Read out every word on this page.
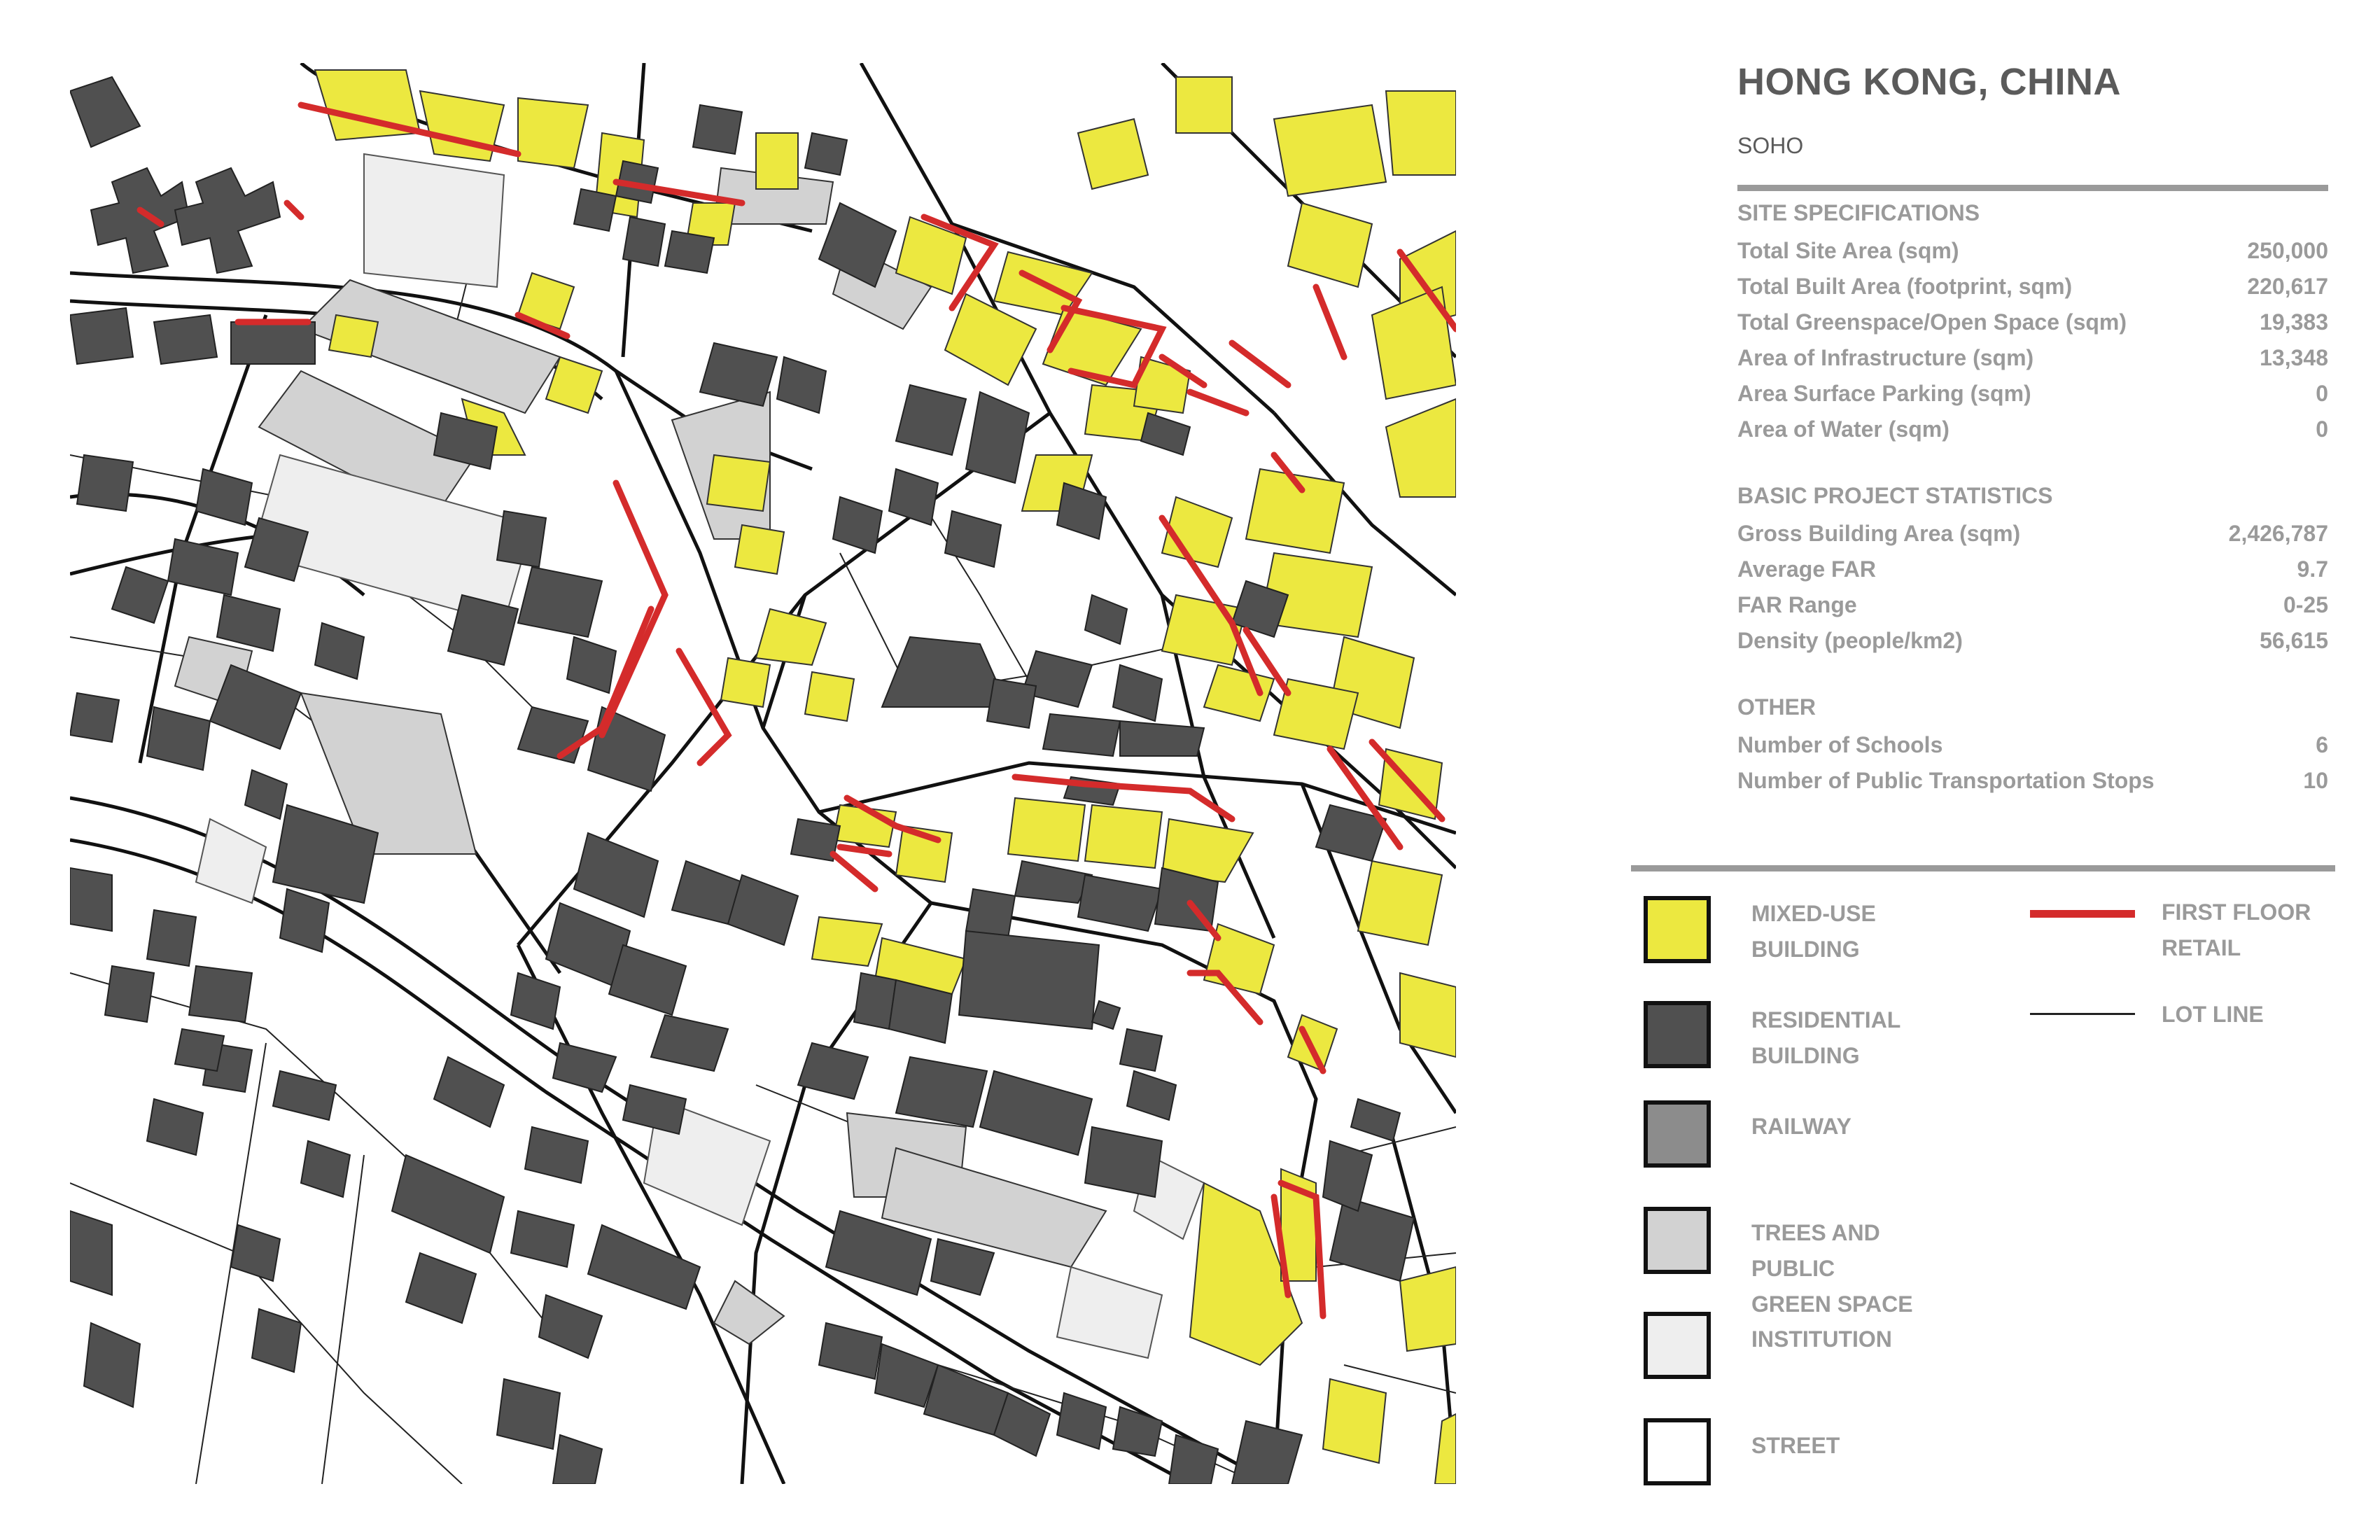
HONG KONG, CHINA
SOHO
SITE SPECIFICATIONS
Total Site Area (sqm)	250,000
Total Built Area (footprint, sqm)	220,617
Total Greenspace/Open Space (sqm)	19,383
Area of Infrastructure (sqm)	13,348
Area Surface Parking (sqm)	0
Area of Water (sqm)	0
BASIC PROJECT STATISTICS
Gross Building Area (sqm)	2,426,787
Average FAR	9.7
FAR Range	0-25
Density (people/km2)	56,615
OTHER
Number of Schools	6
Number of Public Transportation Stops	10
MIXED-USE
BUILDING
RESIDENTIAL
BUILDING
RAILWAY
TREES AND PUBLIC
GREEN SPACE
INSTITUTION
STREET
FIRST FLOOR
RETAIL
LOT LINE
